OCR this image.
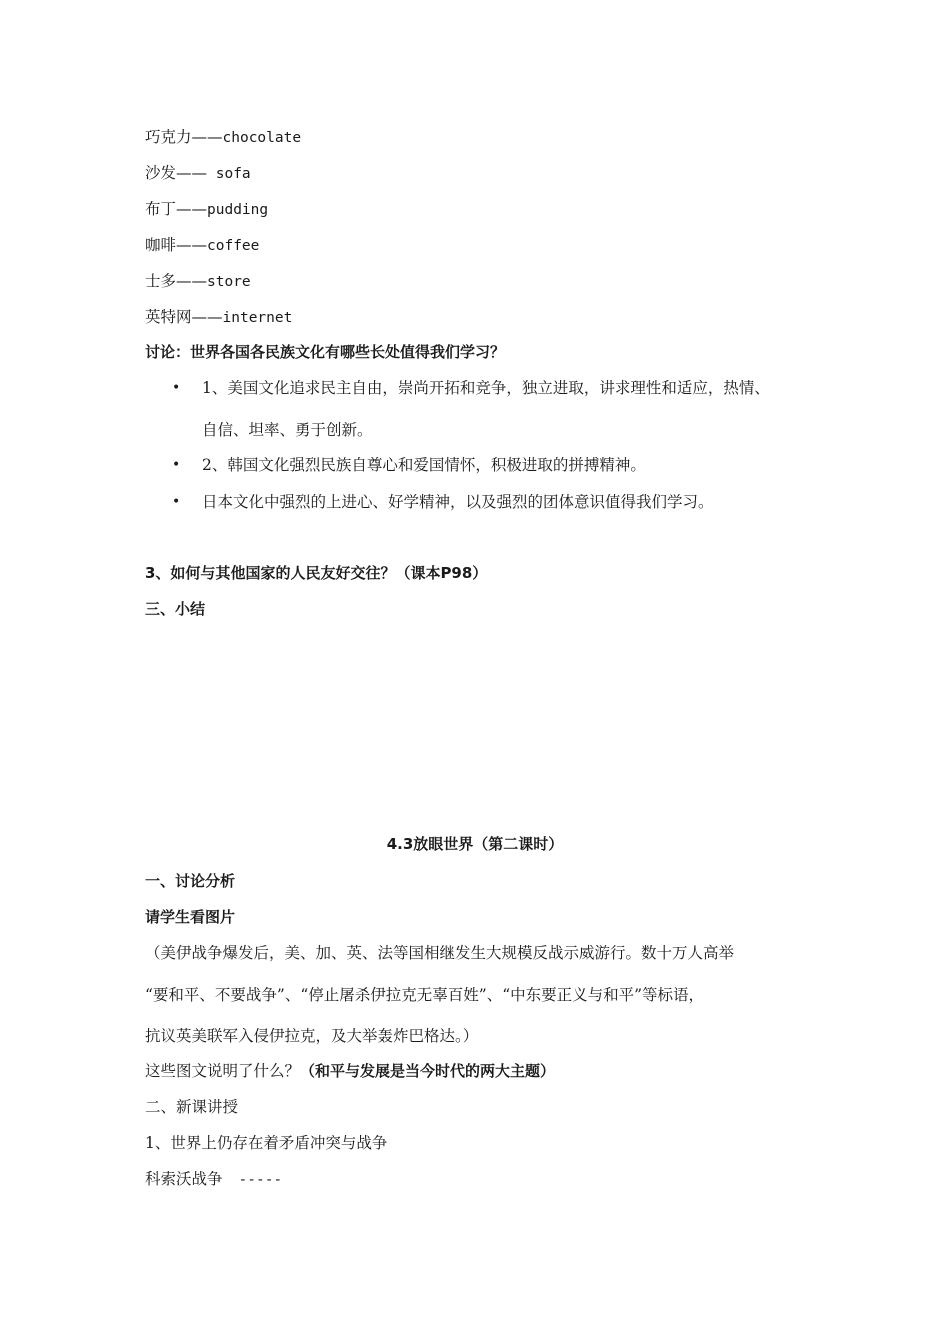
巧克力——chocolate
沙发—— sofa
布丁——pudding
咖啡——coffee
士多——store
英特网——internet
讨论：世界各国各民族文化有哪些长处值得我们学习？
• 1、美国文化追求民主自由，崇尚开拓和竞争，独立进取，讲求理性和适应，热情、
自信、坦率、勇于创新。
• 2、韩国文化强烈民族自尊心和爱国情怀，积极进取的拼搏精神。
• 日本文化中强烈的上进心、好学精神，以及强烈的团体意识值得我们学习。
3、如何与其他国家的人民友好交往？（课本P98）
三、小结
4.3放眼世界（第二课时）
一、讨论分析
请学生看图片
（美伊战争爆发后，美、加、英、法等国相继发生大规模反战示威游行。数十万人高举
“要和平、不要战争”、“停止屠杀伊拉克无辜百姓”、“中东要正义与和平”等标语，
抗议英美联军入侵伊拉克，及大举轰炸巴格达。）
这些图文说明了什么？（和平与发展是当今时代的两大主题）
二、新课讲授
1、世界上仍存在着矛盾冲突与战争
科索沃战争 -----
